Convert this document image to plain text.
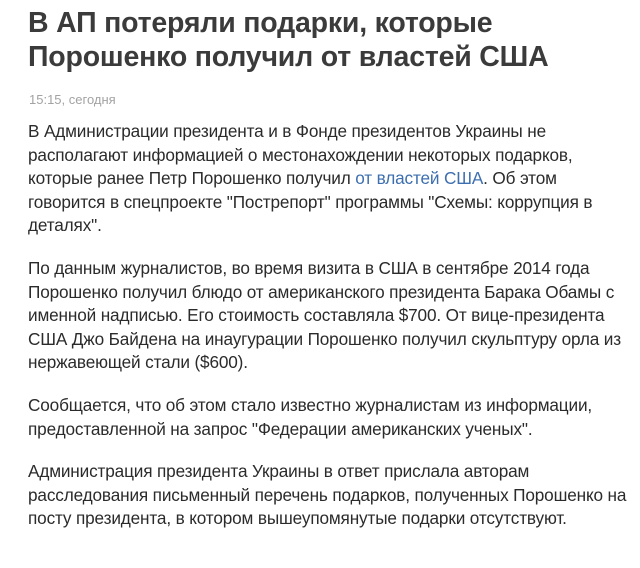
В АП потеряли подарки, которые Порошенко получил от властей США
15:15, сегодня

В Администрации президента и в Фонде президентов Украины не располагают информацией о местонахождении некоторых подарков, которые ранее Петр Порошенко получил от властей США. Об этом говорится в спецпроекте "Пострепорт" программы "Схемы: коррупция в деталях".

По данным журналистов, во время визита в США в сентябре 2014 года Порошенко получил блюдо от американского президента Барака Обамы с именной надписью. Его стоимость составляла $700. От вице-президента США Джо Байдена на инаугурации Порошенко получил скульптуру орла из нержавеющей стали ($600).

Сообщается, что об этом стало известно журналистам из информации, предоставленной на запрос "Федерации американских ученых".

Администрация президента Украины в ответ прислала авторам расследования письменный перечень подарков, полученных Порошенко на посту президента, в котором вышеупомянутые подарки отсутствуют.
